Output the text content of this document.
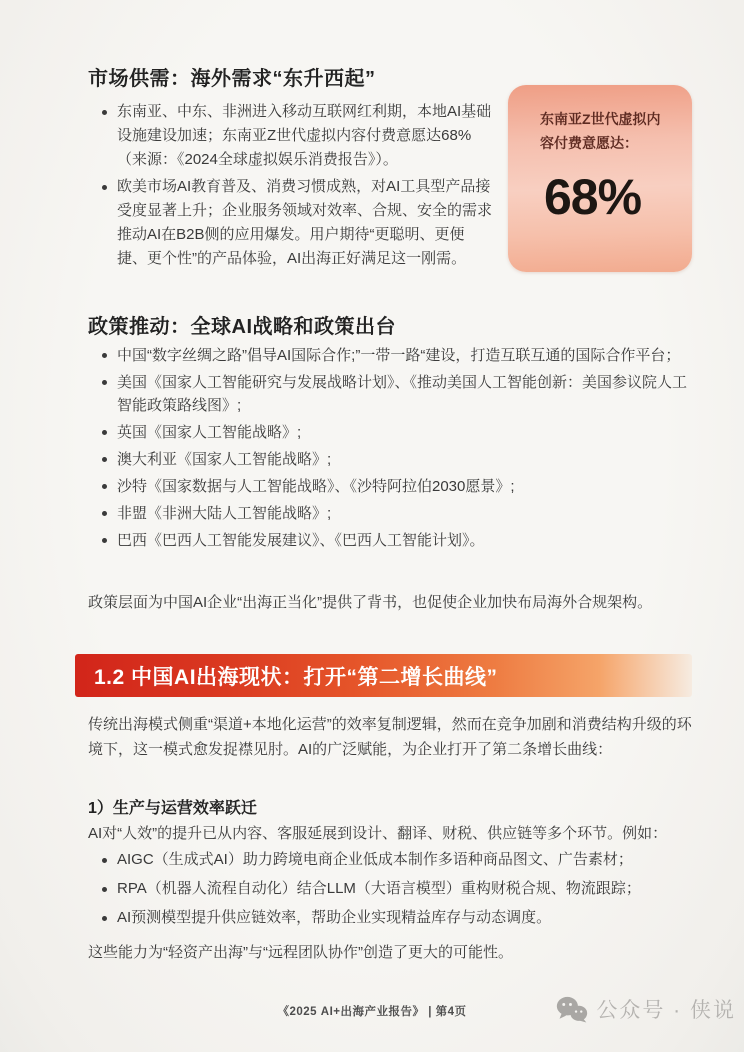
市场供需：海外需求“东升西起”
东南亚、中东、非洲进入移动互联网红利期，本地AI基础设施建设加速；东南亚Z世代虚拟内容付费意愿达68%（来源：《2024全球虚拟娱乐消费报告》）。
欧美市场AI教育普及、消费习惯成熟，对AI工具型产品接受度显著上升；企业服务领域对效率、合规、安全的需求推动AI在B2B侧的应用爆发。用户期待“更聪明、更便捷、更个性”的产品体验，AI出海正好满足这一刚需。
东南亚Z世代虚拟内容付费意愿达：
68%
政策推动：全球AI战略和政策出台
中国“数字丝绸之路”倡导AI国际合作;”一带一路“建设，打造互联互通的国际合作平台；
美国《国家人工智能研究与发展战略计划》、《推动美国人工智能创新：美国参议院人工智能政策路线图》;
英国《国家人工智能战略》;
澳大利亚《国家人工智能战略》;
沙特《国家数据与人工智能战略》、《沙特阿拉伯2030愿景》;
非盟《非洲大陆人工智能战略》;
巴西《巴西人工智能发展建议》、《巴西人工智能计划》。

政策层面为中国AI企业“出海正当化”提供了背书，也促使企业加快布局海外合规架构。

1.2 中国AI出海现状：打开“第二增长曲线”

传统出海模式侧重“渠道+本地化运营”的效率复制逻辑，然而在竞争加剧和消费结构升级的环境下，这一模式愈发捉襟见肘。AI的广泛赋能，为企业打开了第二条增长曲线：

1）生产与运营效率跃迁

AI对“人效”的提升已从内容、客服延展到设计、翻译、财税、供应链等多个环节。例如：

AIGC（生成式AI）助力跨境电商企业低成本制作多语种商品图文、广告素材；
RPA（机器人流程自动化）结合LLM（大语言模型）重构财税合规、物流跟踪；
AI预测模型提升供应链效率，帮助企业实现精益库存与动态调度。

这些能力为“轻资产出海”与“远程团队协作”创造了更大的可能性。

《2025 AI+出海产业报告》 | 第4页	公众号 · 侠说
